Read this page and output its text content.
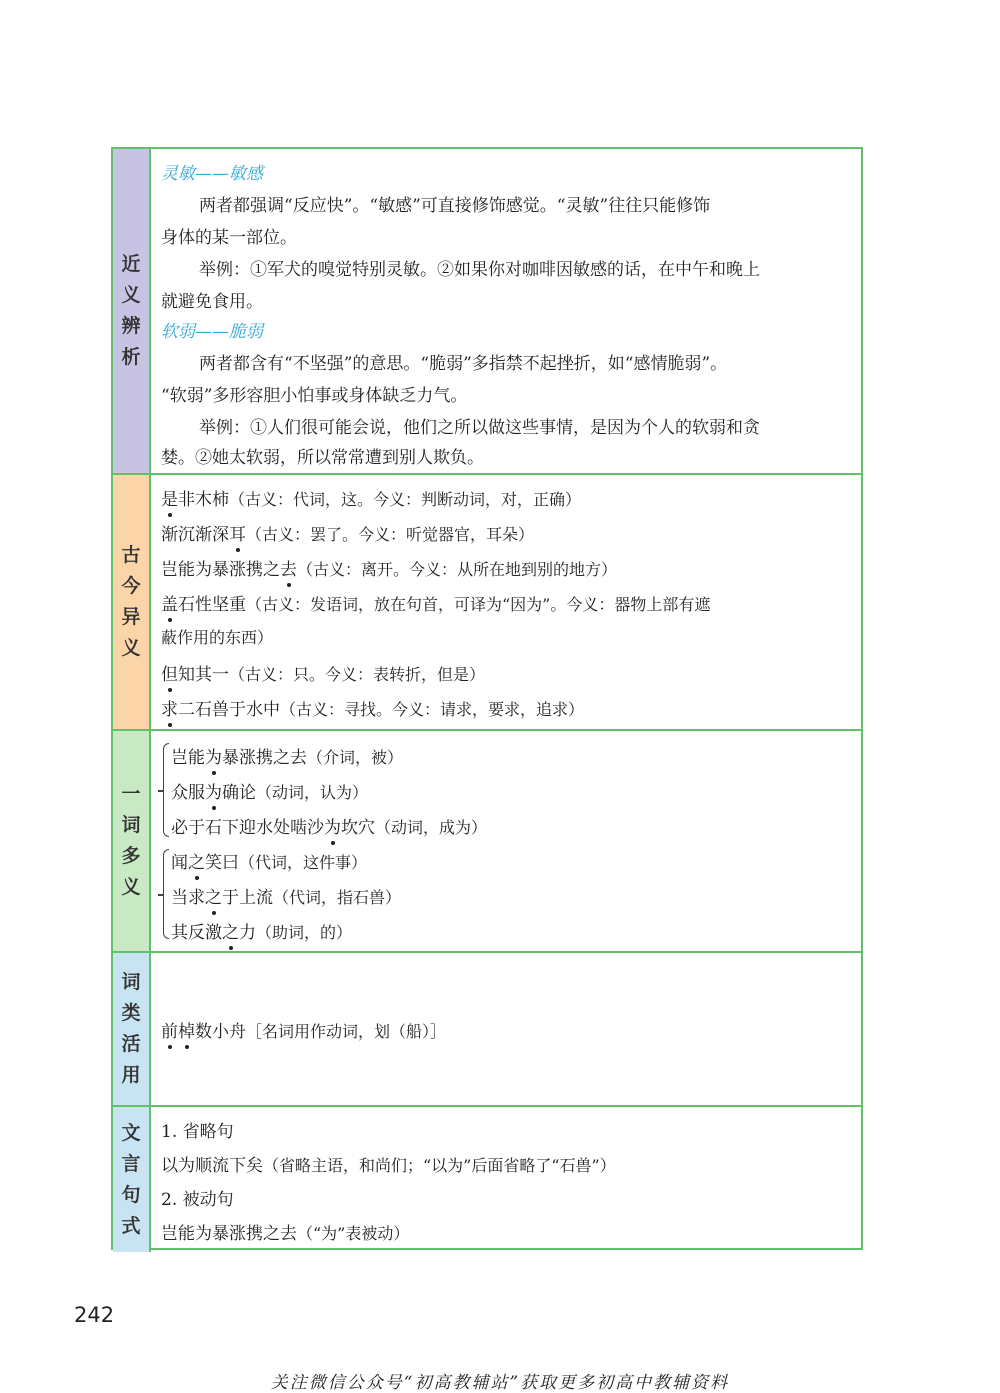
近
义
辨
析
灵敏——敏感
两者都强调“反应快”。“敏感”可直接修饰感觉。“灵敏”往往只能修饰
身体的某一部位。
举例：①军犬的嗅觉特别灵敏。②如果你对咖啡因敏感的话，在中午和晚上
就避免食用。
软弱——脆弱
两者都含有“不坚强”的意思。“脆弱”多指禁不起挫折，如“感情脆弱”。
“软弱”多形容胆小怕事或身体缺乏力气。
举例：①人们很可能会说，他们之所以做这些事情，是因为个人的软弱和贪
婪。②她太软弱，所以常常遭到别人欺负。
古
今
异
义
是非木柿（古义：代词，这。今义：判断动词，对，正确）
渐沉渐深耳（古义：罢了。今义：听觉器官，耳朵）
岂能为暴涨携之去（古义：离开。今义：从所在地到别的地方）
盖石性坚重（古义：发语词，放在句首，可译为“因为”。今义：器物上部有遮
蔽作用的东西）
但知其一（古义：只。今义：表转折，但是）
求二石兽于水中（古义：寻找。今义：请求，要求，追求）
一
词
多
义
岂能为暴涨携之去（介词，被）
众服为确论（动词，认为）
必于石下迎水处啮沙为坎穴（动词，成为）
闻之笑曰（代词，这件事）
当求之于上流（代词，指石兽）
其反激之力（助词，的）
词
类
活
用
前棹数小舟［名词用作动词，划（船）］
文
言
句
式
1. 省略句
以为顺流下矣（省略主语，和尚们；“以为”后面省略了“石兽”）
2. 被动句
岂能为暴涨携之去（“为”表被动）
242
关注微信公众号“初高教辅站”获取更多初高中教辅资料
